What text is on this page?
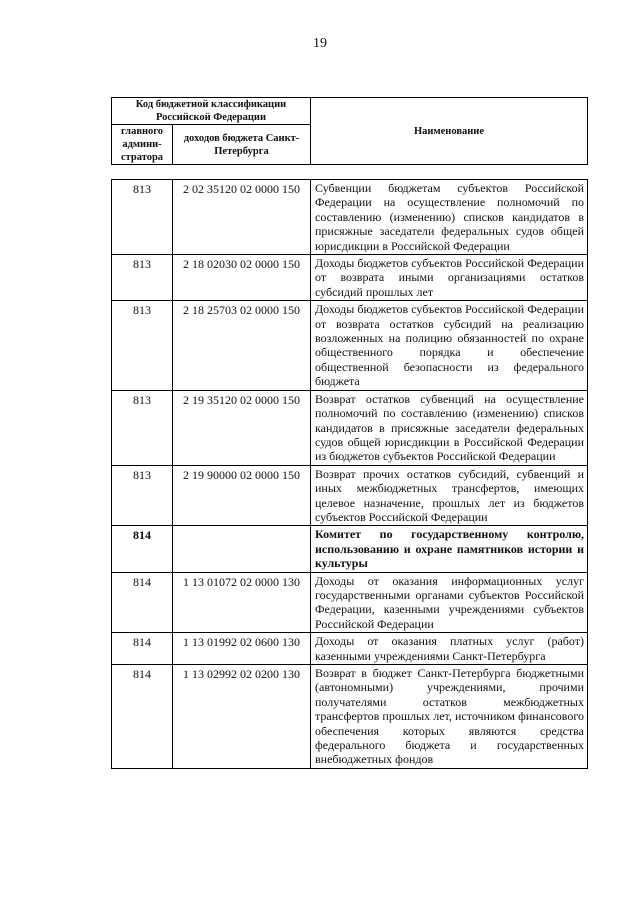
19
Код бюджетной классификации Российской Федерации		Наименование
главного админи-стратора	доходов бюджета Санкт-Петербурга	
813	2 02 35120 02 0000 150	Субвенции бюджетам субъектов Российской Федерации на осуществление полномочий по составлению (изменению) списков кандидатов в присяжные заседатели федеральных судов общей юрисдикции в Российской Федерации
813	2 18 02030 02 0000 150	Доходы бюджетов субъектов Российской Федерации от возврата иными организациями остатков субсидий прошлых лет
813	2 18 25703 02 0000 150	Доходы бюджетов субъектов Российской Федерации от возврата остатков субсидий на реализацию возложенных на полицию обязанностей по охране общественного порядка и обеспечение общественной безопасности из федерального бюджета
813	2 19 35120 02 0000 150	Возврат остатков субвенций на осуществление полномочий по составлению (изменению) списков кандидатов в присяжные заседатели федеральных судов общей юрисдикции в Российской Федерации из бюджетов субъектов Российской Федерации
813	2 19 90000 02 0000 150	Возврат прочих остатков субсидий, субвенций и иных межбюджетных трансфертов, имеющих целевое назначение, прошлых лет из бюджетов субъектов Российской Федерации
814		Комитет по государственному контролю, использованию и охране памятников истории и культуры
814	1 13 01072 02 0000 130	Доходы от оказания информационных услуг государственными органами субъектов Российской Федерации, казенными учреждениями субъектов Российской Федерации
814	1 13 01992 02 0600 130	Доходы от оказания платных услуг (работ) казенными учреждениями Санкт-Петербурга
814	1 13 02992 02 0200 130	Возврат в бюджет Санкт-Петербурга бюджетными (автономными) учреждениями, прочими получателями остатков межбюджетных трансфертов прошлых лет, источником финансового обеспечения которых являются средства федерального бюджета и государственных внебюджетных фондов
